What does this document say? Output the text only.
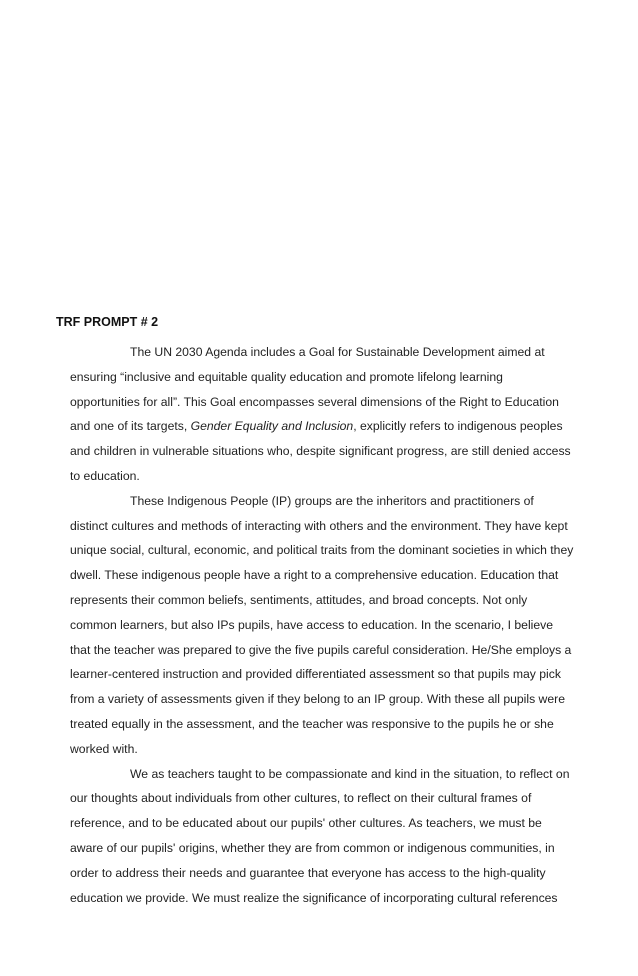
TRF PROMPT # 2

The UN 2030 Agenda includes a Goal for Sustainable Development aimed at ensuring “inclusive and equitable quality education and promote lifelong learning opportunities for all”. This Goal encompasses several dimensions of the Right to Education and one of its targets, Gender Equality and Inclusion, explicitly refers to indigenous peoples and children in vulnerable situations who, despite significant progress, are still denied access to education.

These Indigenous People (IP) groups are the inheritors and practitioners of distinct cultures and methods of interacting with others and the environment. They have kept unique social, cultural, economic, and political traits from the dominant societies in which they dwell. These indigenous people have a right to a comprehensive education. Education that represents their common beliefs, sentiments, attitudes, and broad concepts. Not only common learners, but also IPs pupils, have access to education. In the scenario, I believe that the teacher was prepared to give the five pupils careful consideration. He/She employs a learner-centered instruction and provided differentiated assessment so that pupils may pick from a variety of assessments given if they belong to an IP group. With these all pupils were treated equally in the assessment, and the teacher was responsive to the pupils he or she worked with.

We as teachers taught to be compassionate and kind in the situation, to reflect on our thoughts about individuals from other cultures, to reflect on their cultural frames of reference, and to be educated about our pupils' other cultures. As teachers, we must be aware of our pupils' origins, whether they are from common or indigenous communities, in order to address their needs and guarantee that everyone has access to the high-quality education we provide. We must realize the significance of incorporating cultural references
